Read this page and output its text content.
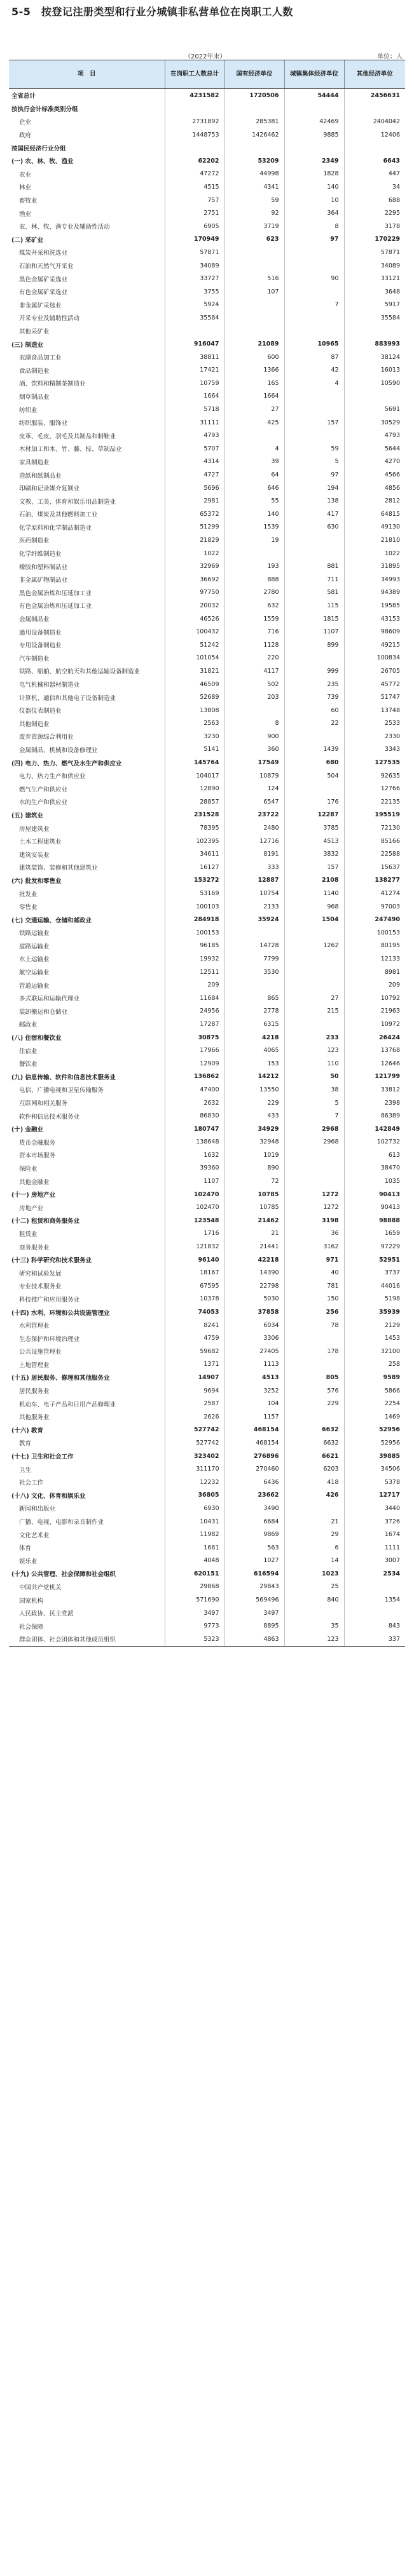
5-5　按登记注册类型和行业分城镇非私营单位在岗职工人数
（2022年末）	单位：人
项　目	在岗职工人数总计	国有经济单位	城镇集体经济单位	其他经济单位
全省总计	4231582	1720506	54444	2456631
按执行会计标准类别分组				
企业	2731892	285381	42469	2404042
政府	1448753	1426462	9885	12406
按国民经济行业分组				
(一) 农、林、牧、渔业	62202	53209	2349	6643
农业	47272	44998	1828	447
林业	4515	4341	140	34
畜牧业	757	59	10	688
渔业	2751	92	364	2295
农、林、牧、渔专业及辅助性活动	6905	3719	8	3178
(二) 采矿业	170949	623	97	170229
煤炭开采和洗选业	57871			57871
石油和天然气开采业	34089			34089
黑色金属矿采选业	33727	516	90	33121
有色金属矿采选业	3755	107		3648
非金属矿采选业	5924		7	5917
开采专业及辅助性活动	35584			35584
其他采矿业				
(三) 制造业	916047	21089	10965	883993
农副食品加工业	38811	600	87	38124
食品制造业	17421	1366	42	16013
酒、饮料和精制茶制造业	10759	165	4	10590
烟草制品业	1664	1664		
纺织业	5718	27		5691
纺织服装、服饰业	31111	425	157	30529
皮革、毛皮、羽毛及其制品和制鞋业	4793			4793
木材加工和木、竹、藤、棕、草制品业	5707	4	59	5644
家具制造业	4314	39	5	4270
造纸和纸制品业	4727	64	97	4566
印刷和记录媒介复制业	5696	646	194	4856
文教、工美、体育和娱乐用品制造业	2981	55	138	2812
石油、煤炭及其他燃料加工业	65372	140	417	64815
化学原料和化学制品制造业	51299	1539	630	49130
医药制造业	21829	19		21810
化学纤维制造业	1022			1022
橡胶和塑料制品业	32969	193	881	31895
非金属矿物制品业	36692	888	711	34993
黑色金属冶炼和压延加工业	97750	2780	581	94389
有色金属冶炼和压延加工业	20032	632	115	19585
金属制品业	46526	1559	1815	43153
通用设备制造业	100432	716	1107	98609
专用设备制造业	51242	1128	899	49215
汽车制造业	101054	220		100834
铁路、船舶、航空航天和其他运输设备制造业	31821	4117	999	26705
电气机械和器材制造业	46509	502	235	45772
计算机、通信和其他电子设备制造业	52689	203	739	51747
仪器仪表制造业	13808		60	13748
其他制造业	2563	8	22	2533
废弃资源综合利用业	3230	900		2330
金属制品、机械和设备修理业	5141	360	1439	3343
(四) 电力、热力、燃气及水生产和供应业	145764	17549	680	127535
电力、热力生产和供应业	104017	10879	504	92635
燃气生产和供应业	12890	124		12766
水的生产和供应业	28857	6547	176	22135
(五) 建筑业	231528	23722	12287	195519
房屋建筑业	78395	2480	3785	72130
土木工程建筑业	102395	12716	4513	85166
建筑安装业	34611	8191	3832	22588
建筑装饰、装修和其他建筑业	16127	333	157	15637
(六) 批发和零售业	153272	12887	2108	138277
批发业	53169	10754	1140	41274
零售业	100103	2133	968	97003
(七) 交通运输、仓储和邮政业	284918	35924	1504	247490
铁路运输业	100153			100153
道路运输业	96185	14728	1262	80195
水上运输业	19932	7799		12133
航空运输业	12511	3530		8981
管道运输业	209			209
多式联运和运输代理业	11684	865	27	10792
装卸搬运和仓储业	24956	2778	215	21963
邮政业	17287	6315		10972
(八) 住宿和餐饮业	30875	4218	233	26424
住宿业	17966	4065	123	13768
餐饮业	12909	153	110	12646
(九) 信息传输、软件和信息技术服务业	136862	14212	50	121799
电信、广播电视和卫星传输服务	47400	13550	38	33812
互联网和相关服务	2632	229	5	2398
软件和信息技术服务业	86830	433	7	86389
(十) 金融业	180747	34929	2968	142849
货币金融服务	138648	32948	2968	102732
资本市场服务	1632	1019		613
保险业	39360	890		38470
其他金融业	1107	72		1035
(十一) 房地产业	102470	10785	1272	90413
房地产业	102470	10785	1272	90413
(十二) 租赁和商务服务业	123548	21462	3198	98888
租赁业	1716	21	36	1659
商务服务业	121832	21441	3162	97229
(十三) 科学研究和技术服务业	96140	42218	971	52951
研究和试验发展	18167	14390	40	3737
专业技术服务业	67595	22798	781	44016
科技推广和应用服务业	10378	5030	150	5198
(十四) 水利、环境和公共设施管理业	74053	37858	256	35939
水利管理业	8241	6034	78	2129
生态保护和环境治理业	4759	3306		1453
公共设施管理业	59682	27405	178	32100
土地管理业	1371	1113		258
(十五) 居民服务、修理和其他服务业	14907	4513	805	9589
居民服务业	9694	3252	576	5866
机动车、电子产品和日用产品修理业	2587	104	229	2254
其他服务业	2626	1157		1469
(十六) 教育	527742	468154	6632	52956
教育	527742	468154	6632	52956
(十七) 卫生和社会工作	323402	276896	6621	39885
卫生	311170	270460	6203	34506
社会工作	12232	6436	418	5378
(十八) 文化、体育和娱乐业	36805	23662	426	12717
新闻和出版业	6930	3490		3440
广播、电视、电影和录音制作业	10431	6684	21	3726
文化艺术业	11982	9869	29	1674
体育	1681	563	6	1111
娱乐业	4048	1027	14	3007
(十九) 公共管理、社会保障和社会组织	620151	616594	1023	2534
中国共产党机关	29868	29843	25	
国家机构	571690	569496	840	1354
人民政协、民主党派	3497	3497		
社会保障	9773	8895	35	843
群众团体、社会团体和其他成员组织	5323	4863	123	337
